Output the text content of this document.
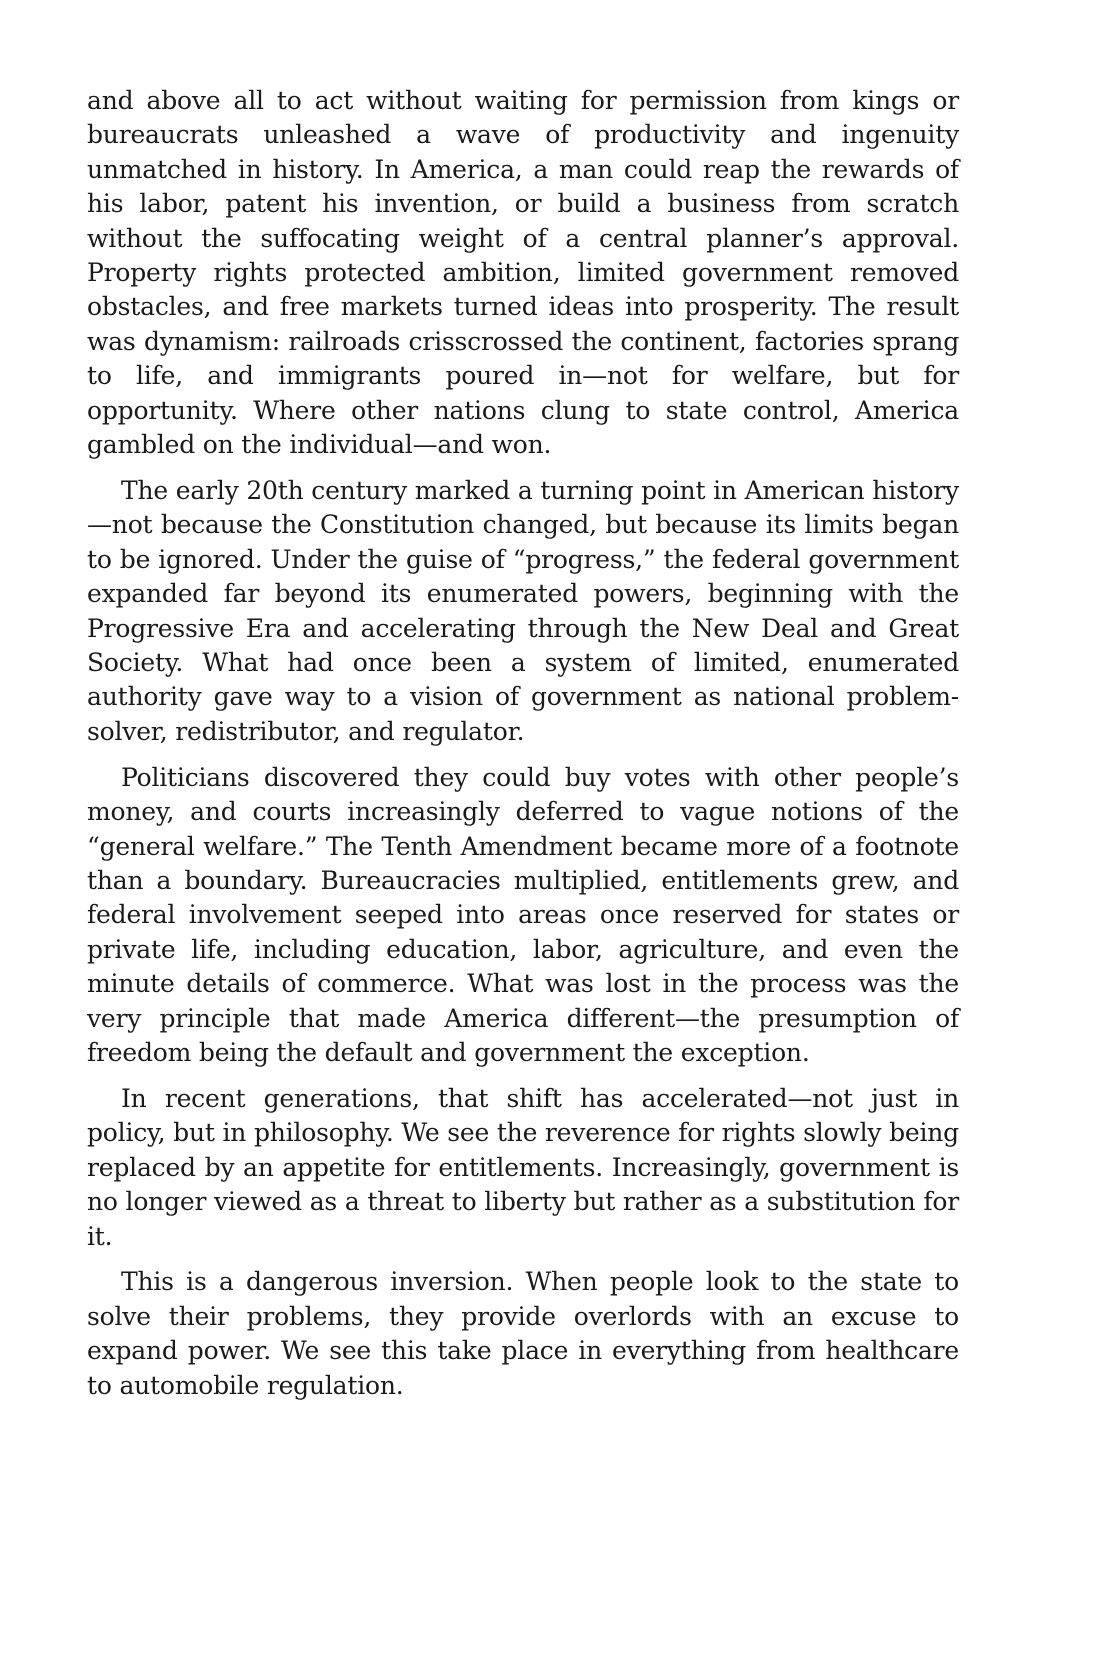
and above all to act without waiting for permission from kings or bureaucrats unleashed a wave of productivity and ingenuity unmatched in history. In America, a man could reap the rewards of his labor, patent his invention, or build a business from scratch without the suffocating weight of a central planner’s approval. Property rights protected ambition, limited government removed obstacles, and free markets turned ideas into prosperity. The result was dynamism: railroads crisscrossed the continent, factories sprang to life, and immigrants poured in—not for welfare, but for opportunity. Where other nations clung to state control, America gambled on the individual—and won.

The early 20th century marked a turning point in American history—not because the Constitution changed, but because its limits began to be ignored. Under the guise of “progress,” the federal government expanded far beyond its enumerated powers, beginning with the Progressive Era and accelerating through the New Deal and Great Society. What had once been a system of limited, enumerated authority gave way to a vision of government as national problem-solver, redistributor, and regulator.

Politicians discovered they could buy votes with other people’s money, and courts increasingly deferred to vague notions of the “general welfare.” The Tenth Amendment became more of a footnote than a boundary. Bureaucracies multiplied, entitlements grew, and federal involvement seeped into areas once reserved for states or private life, including education, labor, agriculture, and even the minute details of commerce. What was lost in the process was the very principle that made America different—the presumption of freedom being the default and government the exception.

In recent generations, that shift has accelerated—not just in policy, but in philosophy. We see the reverence for rights slowly being replaced by an appetite for entitlements. Increasingly, government is no longer viewed as a threat to liberty but rather as a substitution for it.

This is a dangerous inversion. When people look to the state to solve their problems, they provide overlords with an excuse to expand power. We see this take place in everything from healthcare to automobile regulation.
